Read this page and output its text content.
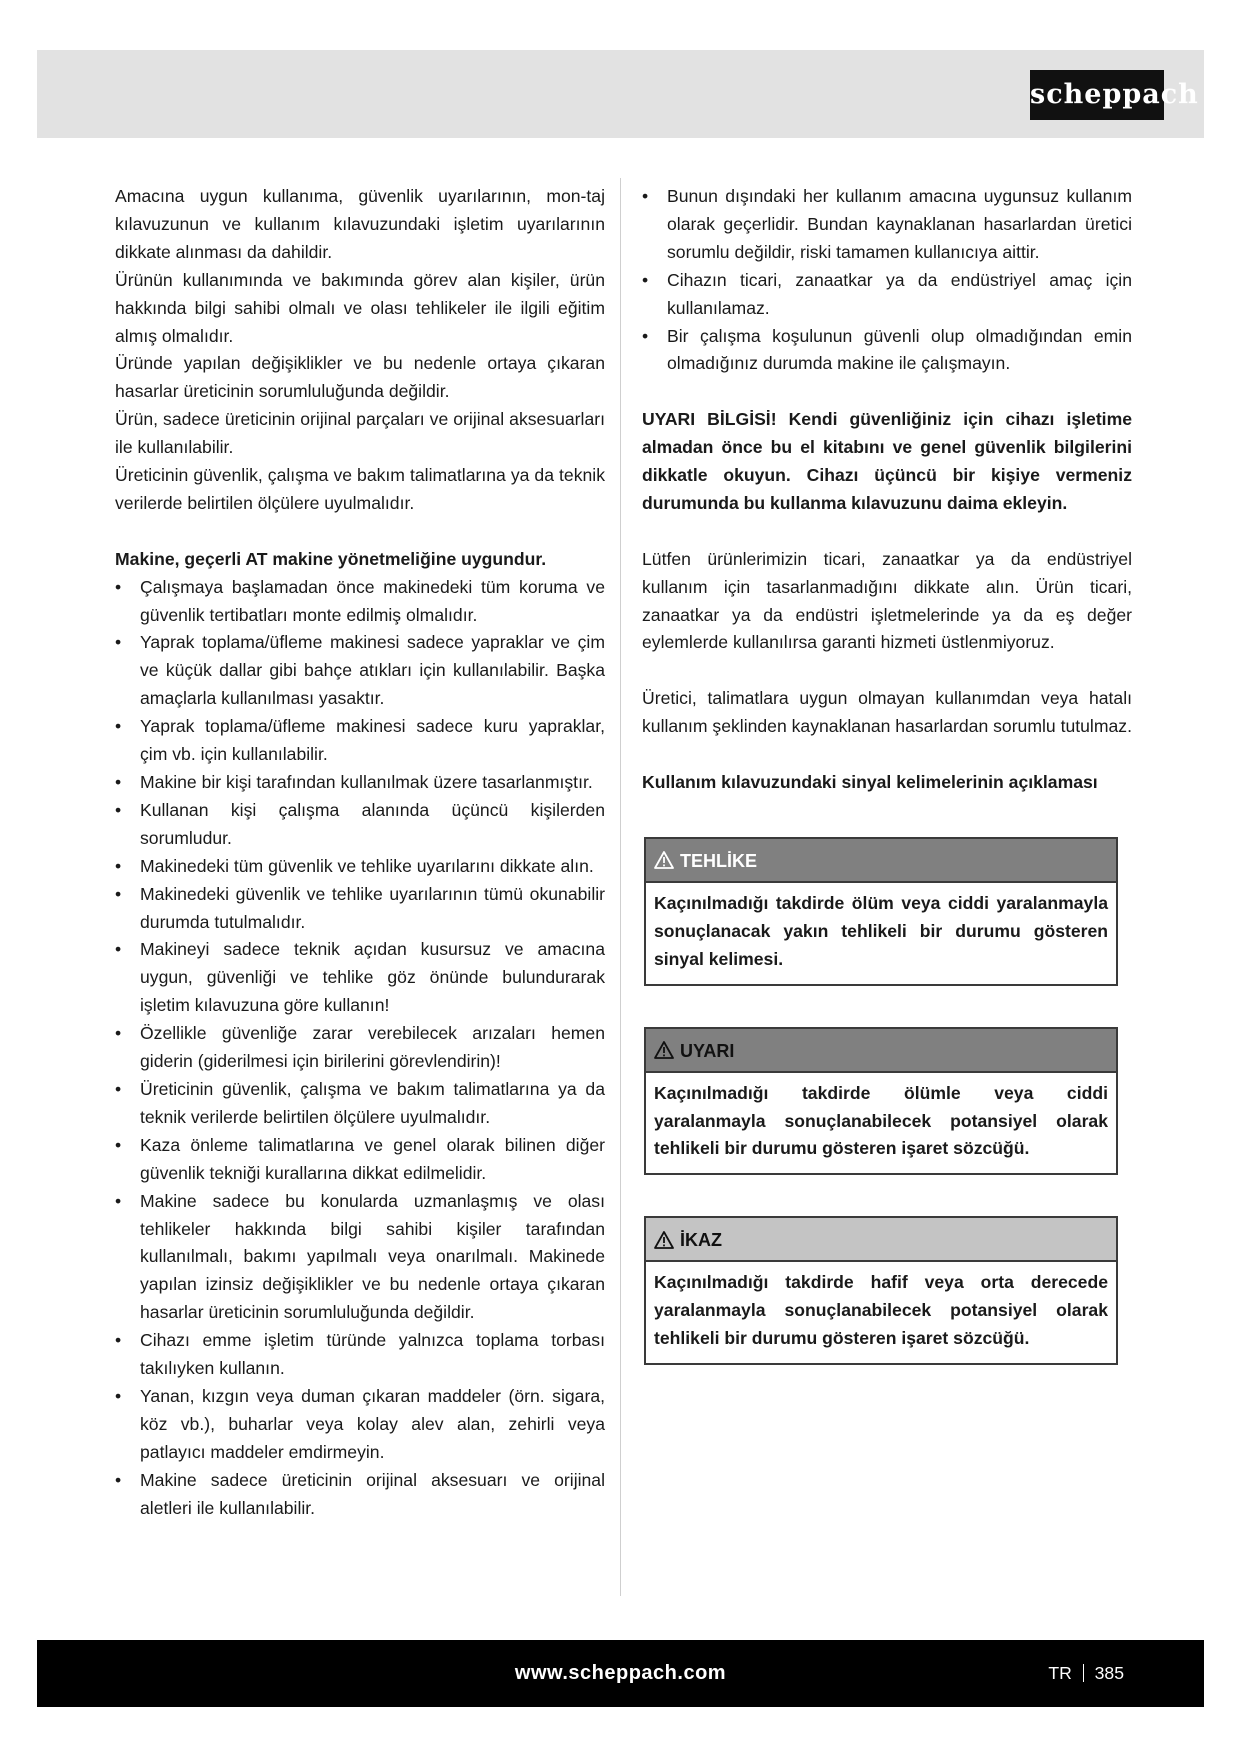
scheppach

Amacına uygun kullanıma, güvenlik uyarılarının, mon-taj kılavuzunun ve kullanım kılavuzundaki işletim uyarılarının dikkate alınması da dahildir.

Ürünün kullanımında ve bakımında görev alan kişiler, ürün hakkında bilgi sahibi olmalı ve olası tehlikeler ile ilgili eğitim almış olmalıdır.

Üründe yapılan değişiklikler ve bu nedenle ortaya çıkaran hasarlar üreticinin sorumluluğunda değildir.

Ürün, sadece üreticinin orijinal parçaları ve orijinal aksesuarları ile kullanılabilir.

Üreticinin güvenlik, çalışma ve bakım talimatlarına ya da teknik verilerde belirtilen ölçülere uyulmalıdır.

Makine, geçerli AT makine yönetmeliğine uygundur.

• Çalışmaya başlamadan önce makinedeki tüm koruma ve güvenlik tertibatları monte edilmiş olmalıdır.
• Yaprak toplama/üfleme makinesi sadece yapraklar ve çim ve küçük dallar gibi bahçe atıkları için kullanılabilir. Başka amaçlarla kullanılması yasaktır.
• Yaprak toplama/üfleme makinesi sadece kuru yapraklar, çim vb. için kullanılabilir.
• Makine bir kişi tarafından kullanılmak üzere tasarlanmıştır.
• Kullanan kişi çalışma alanında üçüncü kişilerden sorumludur.
• Makinedeki tüm güvenlik ve tehlike uyarılarını dikkate alın.
• Makinedeki güvenlik ve tehlike uyarılarının tümü okunabilir durumda tutulmalıdır.
• Makineyi sadece teknik açıdan kusursuz ve amacına uygun, güvenliği ve tehlike göz önünde bulundurarak işletim kılavuzuna göre kullanın!
• Özellikle güvenliğe zarar verebilecek arızaları hemen giderin (giderilmesi için birilerini görevlendirin)!
• Üreticinin güvenlik, çalışma ve bakım talimatlarına ya da teknik verilerde belirtilen ölçülere uyulmalıdır.
• Kaza önleme talimatlarına ve genel olarak bilinen diğer güvenlik tekniği kurallarına dikkat edilmelidir.
• Makine sadece bu konularda uzmanlaşmış ve olası tehlikeler hakkında bilgi sahibi kişiler tarafından kullanılmalı, bakımı yapılmalı veya onarılmalı. Makinede yapılan izinsiz değişiklikler ve bu nedenle ortaya çıkaran hasarlar üreticinin sorumluluğunda değildir.
• Cihazı emme işletim türünde yalnızca toplama torbası takılıyken kullanın.
• Yanan, kızgın veya duman çıkaran maddeler (örn. sigara, köz vb.), buharlar veya kolay alev alan, zehirli veya patlayıcı maddeler emdirmeyin.
• Makine sadece üreticinin orijinal aksesuarı ve orijinal aletleri ile kullanılabilir.
• Bunun dışındaki her kullanım amacına uygunsuz kullanım olarak geçerlidir. Bundan kaynaklanan hasarlardan üretici sorumlu değildir, riski tamamen kullanıcıya aittir.
• Cihazın ticari, zanaatkar ya da endüstriyel amaç için kullanılamaz.
• Bir çalışma koşulunun güvenli olup olmadığından emin olmadığınız durumda makine ile çalışmayın.

UYARI BİLGİSİ! Kendi güvenliğiniz için cihazı işletime almadan önce bu el kitabını ve genel güvenlik bilgilerini dikkatle okuyun. Cihazı üçüncü bir kişiye vermeniz durumunda bu kullanma kılavuzunu daima ekleyin.

Lütfen ürünlerimizin ticari, zanaatkar ya da endüstriyel kullanım için tasarlanmadığını dikkate alın. Ürün ticari, zanaatkar ya da endüstri işletmelerinde ya da eş değer eylemlerde kullanılırsa garanti hizmeti üstlenmiyoruz.

Üretici, talimatlara uygun olmayan kullanımdan veya hatalı kullanım şeklinden kaynaklanan hasarlardan sorumlu tutulmaz.

Kullanım kılavuzundaki sinyal kelimelerinin açıklaması

TEHLİKE
Kaçınılmadığı takdirde ölüm veya ciddi yaralanmayla sonuçlanacak yakın tehlikeli bir durumu gösteren sinyal kelimesi.
UYARI
Kaçınılmadığı takdirde ölümle veya ciddi yaralanmayla sonuçlanabilecek potansiyel olarak tehlikeli bir durumu gösteren işaret sözcüğü.
İKAZ
Kaçınılmadığı takdirde hafif veya orta derecede yaralanmayla sonuçlanabilecek potansiyel olarak tehlikeli bir durumu gösteren işaret sözcüğü.
www.scheppach.com	TR 385
